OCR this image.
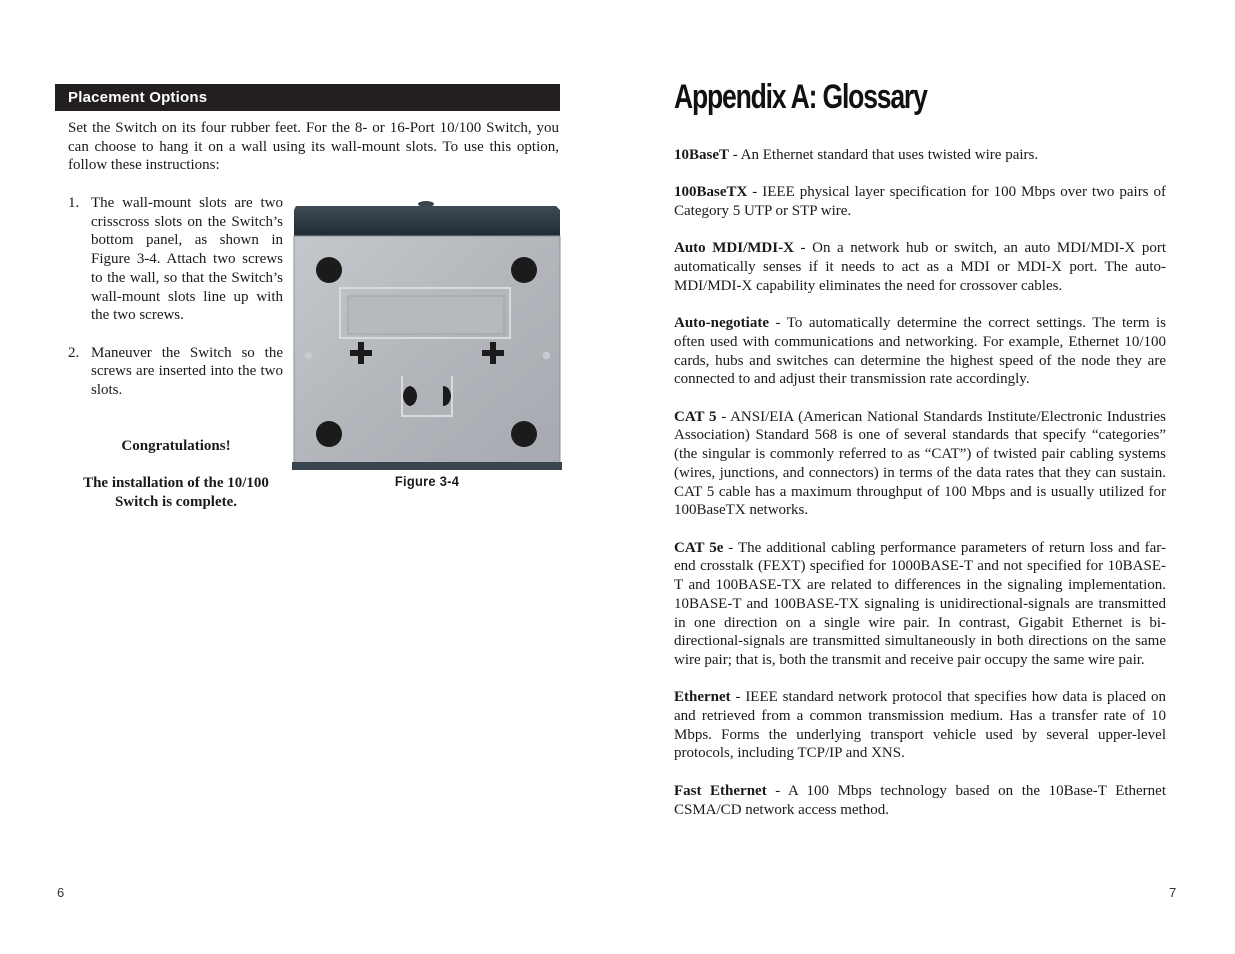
Placement Options

Set the Switch on its four rubber feet. For the 8- or 16-Port 10/100 Switch, you can choose to hang it on a wall using its wall-mount slots. To use this option, follow these instructions:

1. The wall-mount slots are two crisscross slots on the Switch’s bottom panel, as shown in Figure 3-4. Attach two screws to the wall, so that the Switch’s wall-mount slots line up with the two screws.
2. Maneuver the Switch so the screws are inserted into the two slots.

Congratulations!

The installation of the 10/100 Switch is complete.

●	●
Figure 3-4
6
Appendix A: Glossary

10BaseT - An Ethernet standard that uses twisted wire pairs.

100BaseTX - IEEE physical layer specification for 100 Mbps over two pairs of Category 5 UTP or STP wire.

Auto MDI/MDI-X - On a network hub or switch, an auto MDI/MDI-X port automatically senses if it needs to act as a MDI or MDI-X port. The auto-MDI/MDI-X capability eliminates the need for crossover cables.

Auto-negotiate - To automatically determine the correct settings. The term is often used with communications and networking. For example, Ethernet 10/100 cards, hubs and switches can determine the highest speed of the node they are connected to and adjust their transmission rate accordingly.

CAT 5 - ANSI/EIA (American National Standards Institute/Electronic Industries Association) Standard 568 is one of several standards that specify “categories” (the singular is commonly referred to as “CAT”) of twisted pair cabling systems (wires, junctions, and connectors) in terms of the data rates that they can sustain. CAT 5 cable has a maximum throughput of 100 Mbps and is usually utilized for 100BaseTX networks.

CAT 5e - The additional cabling performance parameters of return loss and far-end crosstalk (FEXT) specified for 1000BASE-T and not specified for 10BASE-T and 100BASE-TX are related to differences in the signaling implementation. 10BASE-T and 100BASE-TX signaling is unidirectional-signals are transmitted in one direction on a single wire pair. In contrast, Gigabit Ethernet is bi-directional-signals are transmitted simultaneously in both directions on the same wire pair; that is, both the transmit and receive pair occupy the same wire pair.

Ethernet - IEEE standard network protocol that specifies how data is placed on and retrieved from a common transmission medium. Has a transfer rate of 10 Mbps. Forms the underlying transport vehicle used by several upper-level protocols, including TCP/IP and XNS.

Fast Ethernet - A 100 Mbps technology based on the 10Base-T Ethernet CSMA/CD network access method.

7
